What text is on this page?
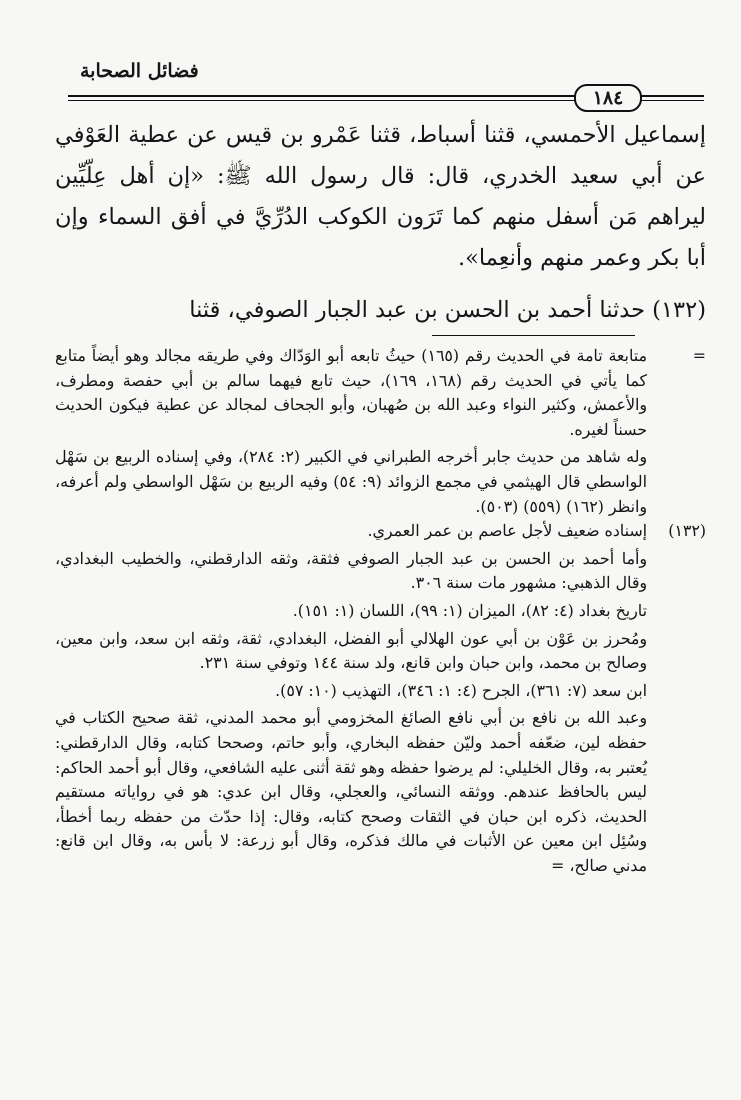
فضائل الصحابة
١٨٤

إسماعيل الأحمسي، قثنا أسباط، قثنا عَمْرو بن قيس عن عطية العَوْفي عن أبي سعيد الخدري، قال: قال رسول الله ﷺ: «إن أهل عِلّيِّين ليراهم مَن أسفل منهم كما تَرَون الكوكب الدُرِّيَّ في أفق السماء وإن أبا بكر وعمر منهم وأنعِما».

(١٣٢) حدثنا أحمد بن الحسن بن عبد الجبار الصوفي، قثنا

=

متابعة تامة في الحديث رقم (١٦٥) حيثُ تابعه أبو الوَدّاك وفي طريقه مجالد وهو أيضاً متابع كما يأتي في الحديث رقم (١٦٨، ١٦٩)، حيث تابع فيهما سالم بن أبي حفصة ومطرف، والأعمش، وكثير النواء وعبد الله بن صُهبان، وأبو الجحاف لمجالد عن عطية فيكون الحديث حسناً لغيره.

وله شاهد من حديث جابر أخرجه الطبراني في الكبير (٢: ٢٨٤)، وفي إسناده الربيع بن سَهْل الواسطي قال الهيثمي في مجمع الزوائد (٩: ٥٤) وفيه الربيع بن سَهْل الواسطي ولم أعرفه، وانظر (١٦٢) (٥٥٩) (٥٠٣).

(١٣٢)

إسناده ضعيف لأجل عاصم بن عمر العمري.

وأما أحمد بن الحسن بن عبد الجبار الصوفي فثقة، وثقه الدارقطني، والخطيب البغدادي، وقال الذهبي: مشهور مات سنة ٣٠٦.

تاريخ بغداد (٤: ٨٢)، الميزان (١: ٩٩)، اللسان (١: ١٥١).

ومُحرز بن عَوْن بن أبي عون الهلالي أبو الفضل، البغدادي، ثقة، وثقه ابن سعد، وابن معين، وصالح بن محمد، وابن حبان وابن قانع، ولد سنة ١٤٤ وتوفي سنة ٢٣١.

ابن سعد (٧: ٣٦١)، الجرح (٤: ١: ٣٤٦)، التهذيب (١٠: ٥٧).

وعبد الله بن نافع بن أبي نافع الصائغ المخزومي أبو محمد المدني، ثقة صحيح الكتاب في حفظه لين، ضعّفه أحمد وليّن حفظه البخاري، وأبو حاتم، وصححا كتابه، وقال الدارقطني: يُعتبر به، وقال الخليلي: لم يرضوا حفظه وهو ثقة أثنى عليه الشافعي، وقال أبو أحمد الحاكم: ليس بالحافظ عندهم. ووثقه النسائي، والعجلي، وقال ابن عدي: هو في رواياته مستقيم الحديث، ذكره ابن حبان في الثقات وصحح كتابه، وقال: إذا حدّث من حفظه ربما أخطأ، وسُئِل ابن معين عن الأثبات في مالك فذكره، وقال أبو زرعة: لا بأس به، وقال ابن قانع: مدني صالح، =
